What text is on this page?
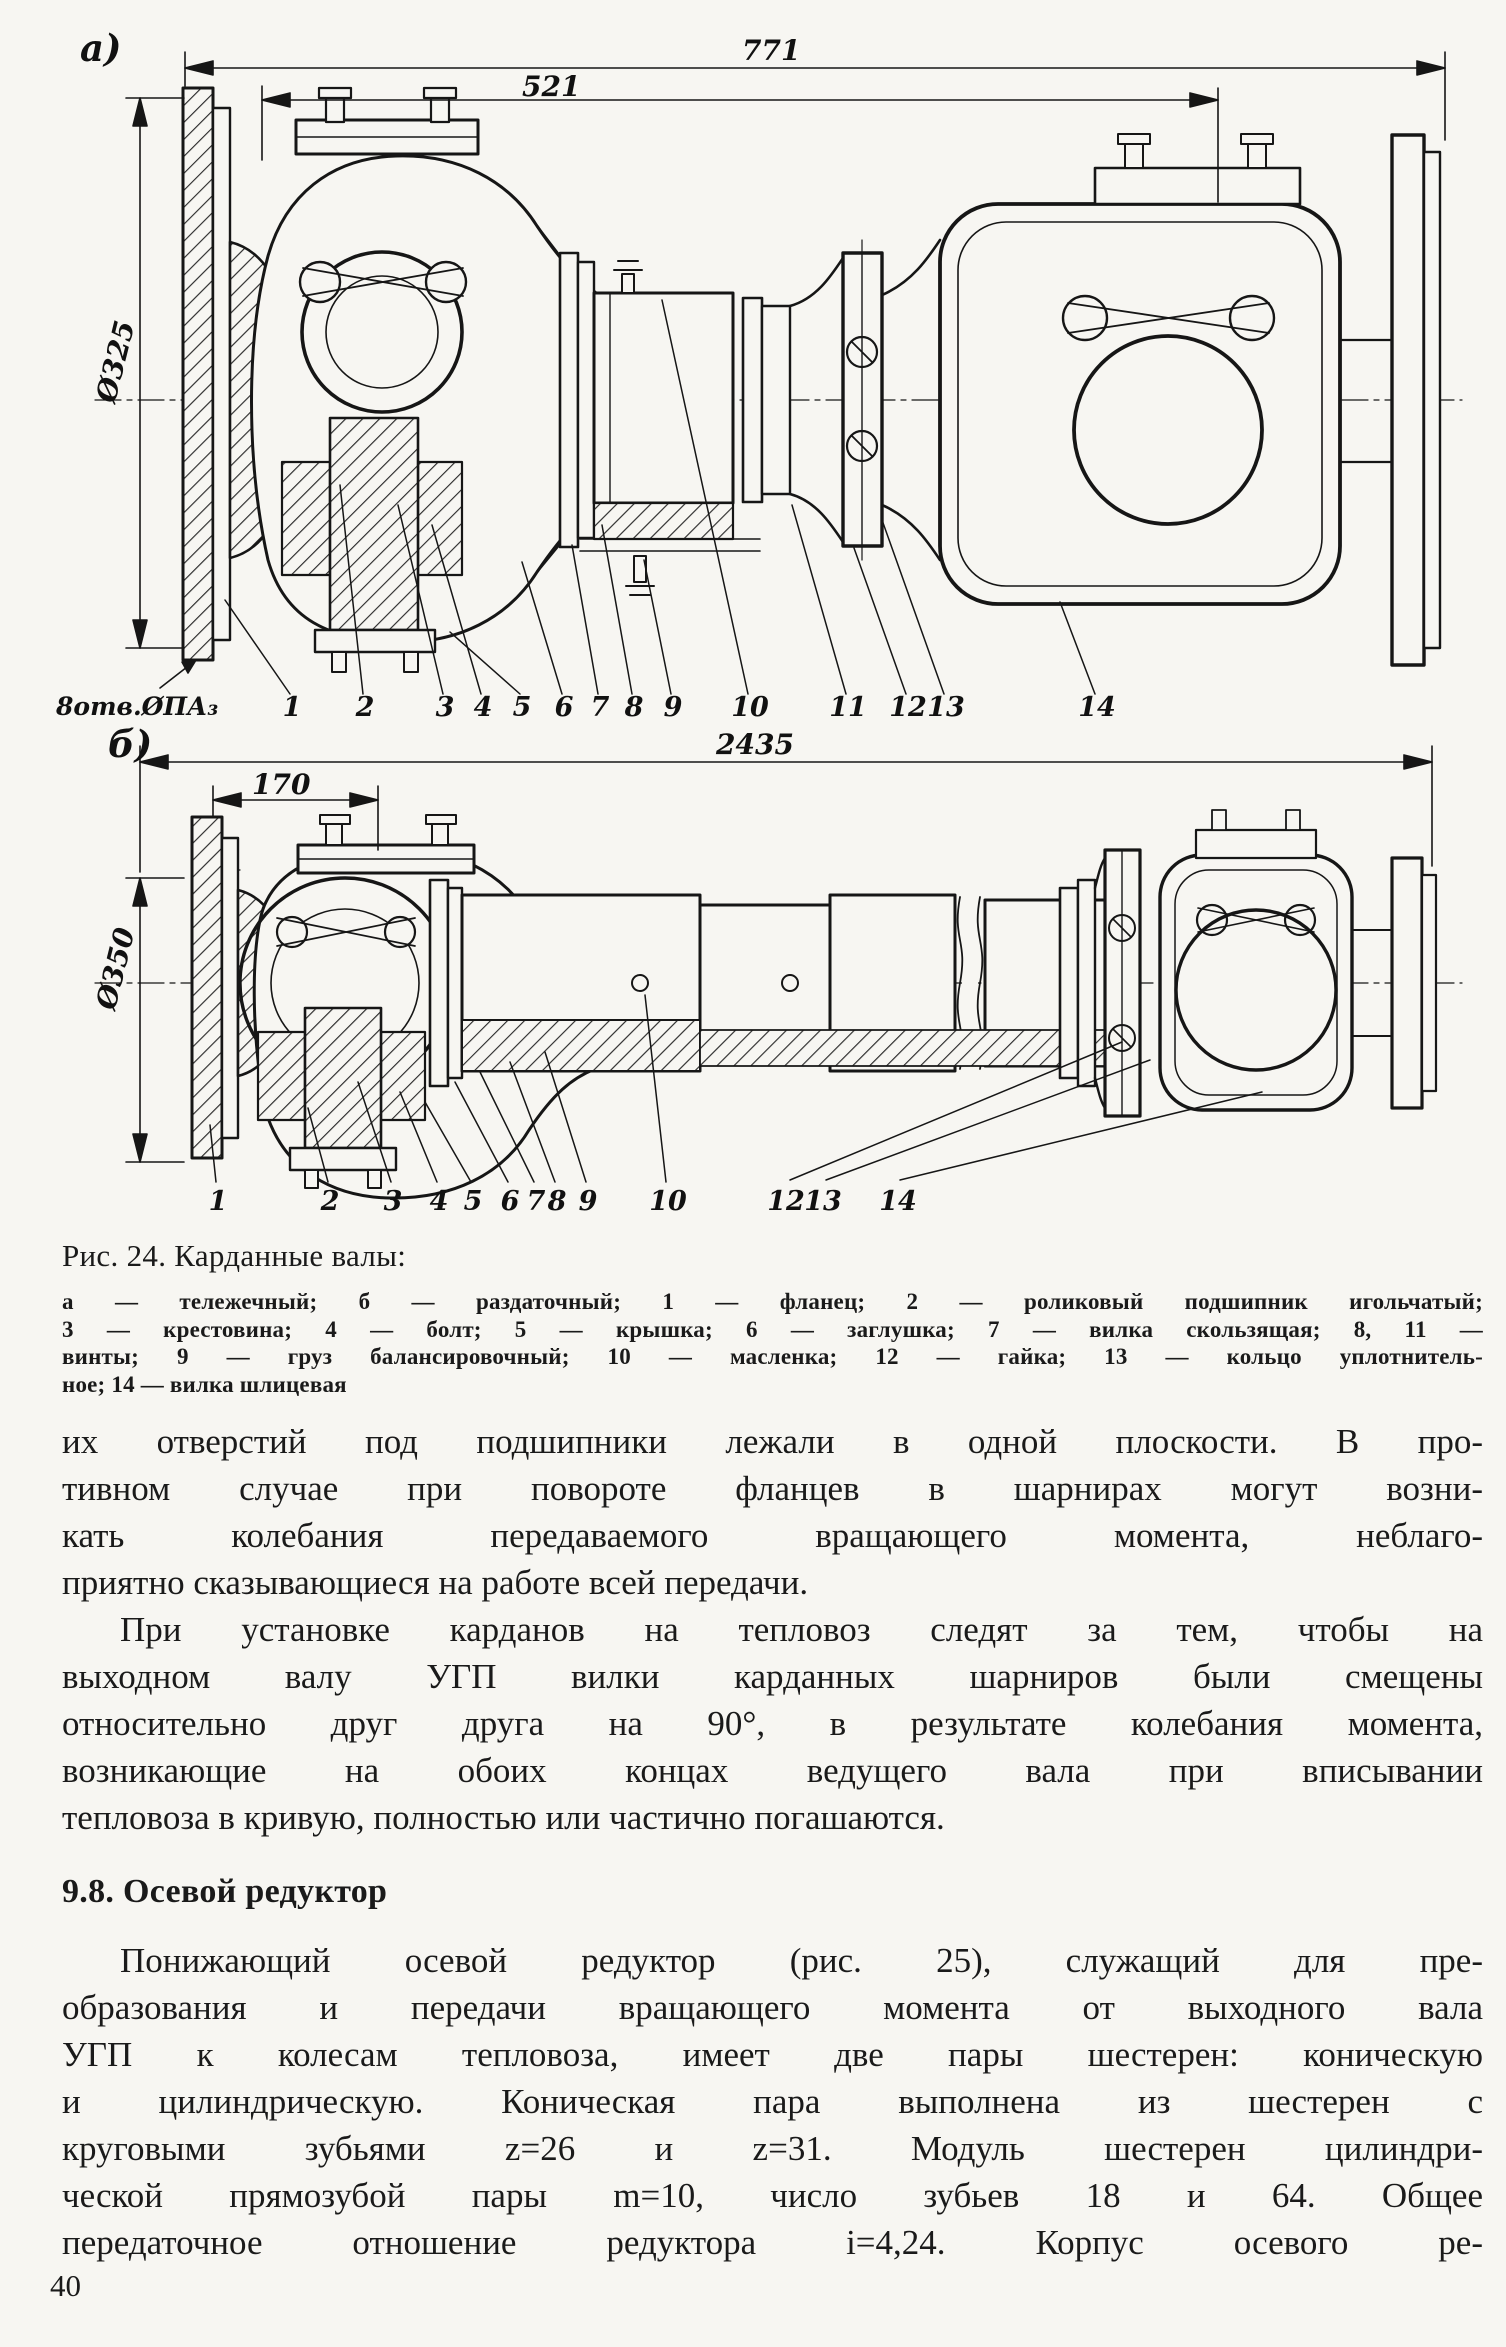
а)
б)
771
521
Ø325
8отв.ØПА₃
2435
170
Ø350
1 2 3 4 5 6 7 8 9 10 11 12 13	14
1	2 3 4 5 6 7 8 9 10	12 13 14
Рис. 24. Карданные валы:
а — тележечный; б — раздаточный; 1 — фланец; 2 — роликовый подшипник игольчатый;
3 — крестовина; 4 — болт; 5 — крышка; 6 — заглушка; 7 — вилка скользящая; 8, 11 —
винты; 9 — груз балансировочный; 10 — масленка; 12 — гайка; 13 — кольцо уплотнитель-
ное; 14 — вилка шлицевая
их отверстий под подшипники лежали в одной плоскости. В про-
тивном случае при повороте фланцев в шарнирах могут возни-
кать колебания передаваемого вращающего момента, неблаго-
приятно сказывающиеся на работе всей передачи.
При установке карданов на тепловоз следят за тем, чтобы на
выходном валу УГП вилки карданных шарниров были смещены
относительно друг друга на 90°, в результате колебания момента,
возникающие на обоих концах ведущего вала при вписывании
тепловоза в кривую, полностью или частично погашаются.
9.8. Осевой редуктор
Понижающий осевой редуктор (рис. 25), служащий для пре-
образования и передачи вращающего момента от выходного вала
УГП к колесам тепловоза, имеет две пары шестерен: коническую
и цилиндрическую. Коническая пара выполнена из шестерен с
круговыми зубьями z=26 и z=31. Модуль шестерен цилиндри-
ческой прямозубой пары m=10, число зубьев 18 и 64. Общее
передаточное отношение редуктора i=4,24. Корпус осевого ре-
40
